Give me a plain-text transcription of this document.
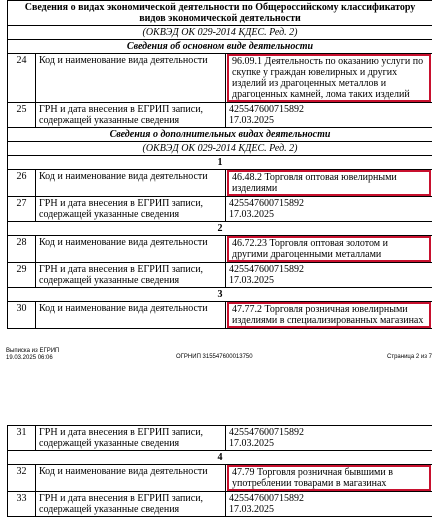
Сведения о видах экономической деятельности по Общероссийскому классификатору видов экономической деятельности		
(ОКВЭД ОК 029-2014 КДЕС. Ред. 2)		
Сведения об основном виде деятельности		
24	Код и наименование вида деятельности	96.09.1 Деятельность по оказанию услуги по скупке у граждан ювелирных и других изделий из драгоценных металлов и драгоценных камней, лома таких изделий

25	ГРН и дата внесения в ЕГРИП записи, содержащей указанные сведения	425547600715892
17.03.2025
Сведения о дополнительных видах деятельности		
(ОКВЭД ОК 029-2014 КДЕС. Ред. 2)		
1		
26	Код и наименование вида деятельности	46.48.2 Торговля оптовая ювелирными изделиями

27	ГРН и дата внесения в ЕГРИП записи, содержащей указанные сведения	425547600715892
17.03.2025
2		
28	Код и наименование вида деятельности	46.72.23 Торговля оптовая золотом и другими драгоценными металлами

29	ГРН и дата внесения в ЕГРИП записи, содержащей указанные сведения	425547600715892
17.03.2025
3		
30	Код и наименование вида деятельности	47.77.2 Торговля розничная ювелирными изделиями в специализированных магазинах
Выписка из ЕГРИП
19.03.2025 06:06	ОГРНИП 315547600013750	Страница 2 из 7
31	ГРН и дата внесения в ЕГРИП записи, содержащей указанные сведения	425547600715892
17.03.2025
4		
32	Код и наименование вида деятельности	47.79 Торговля розничная бывшими в употреблении товарами в магазинах

33	ГРН и дата внесения в ЕГРИП записи, содержащей указанные сведения	425547600715892
17.03.2025
